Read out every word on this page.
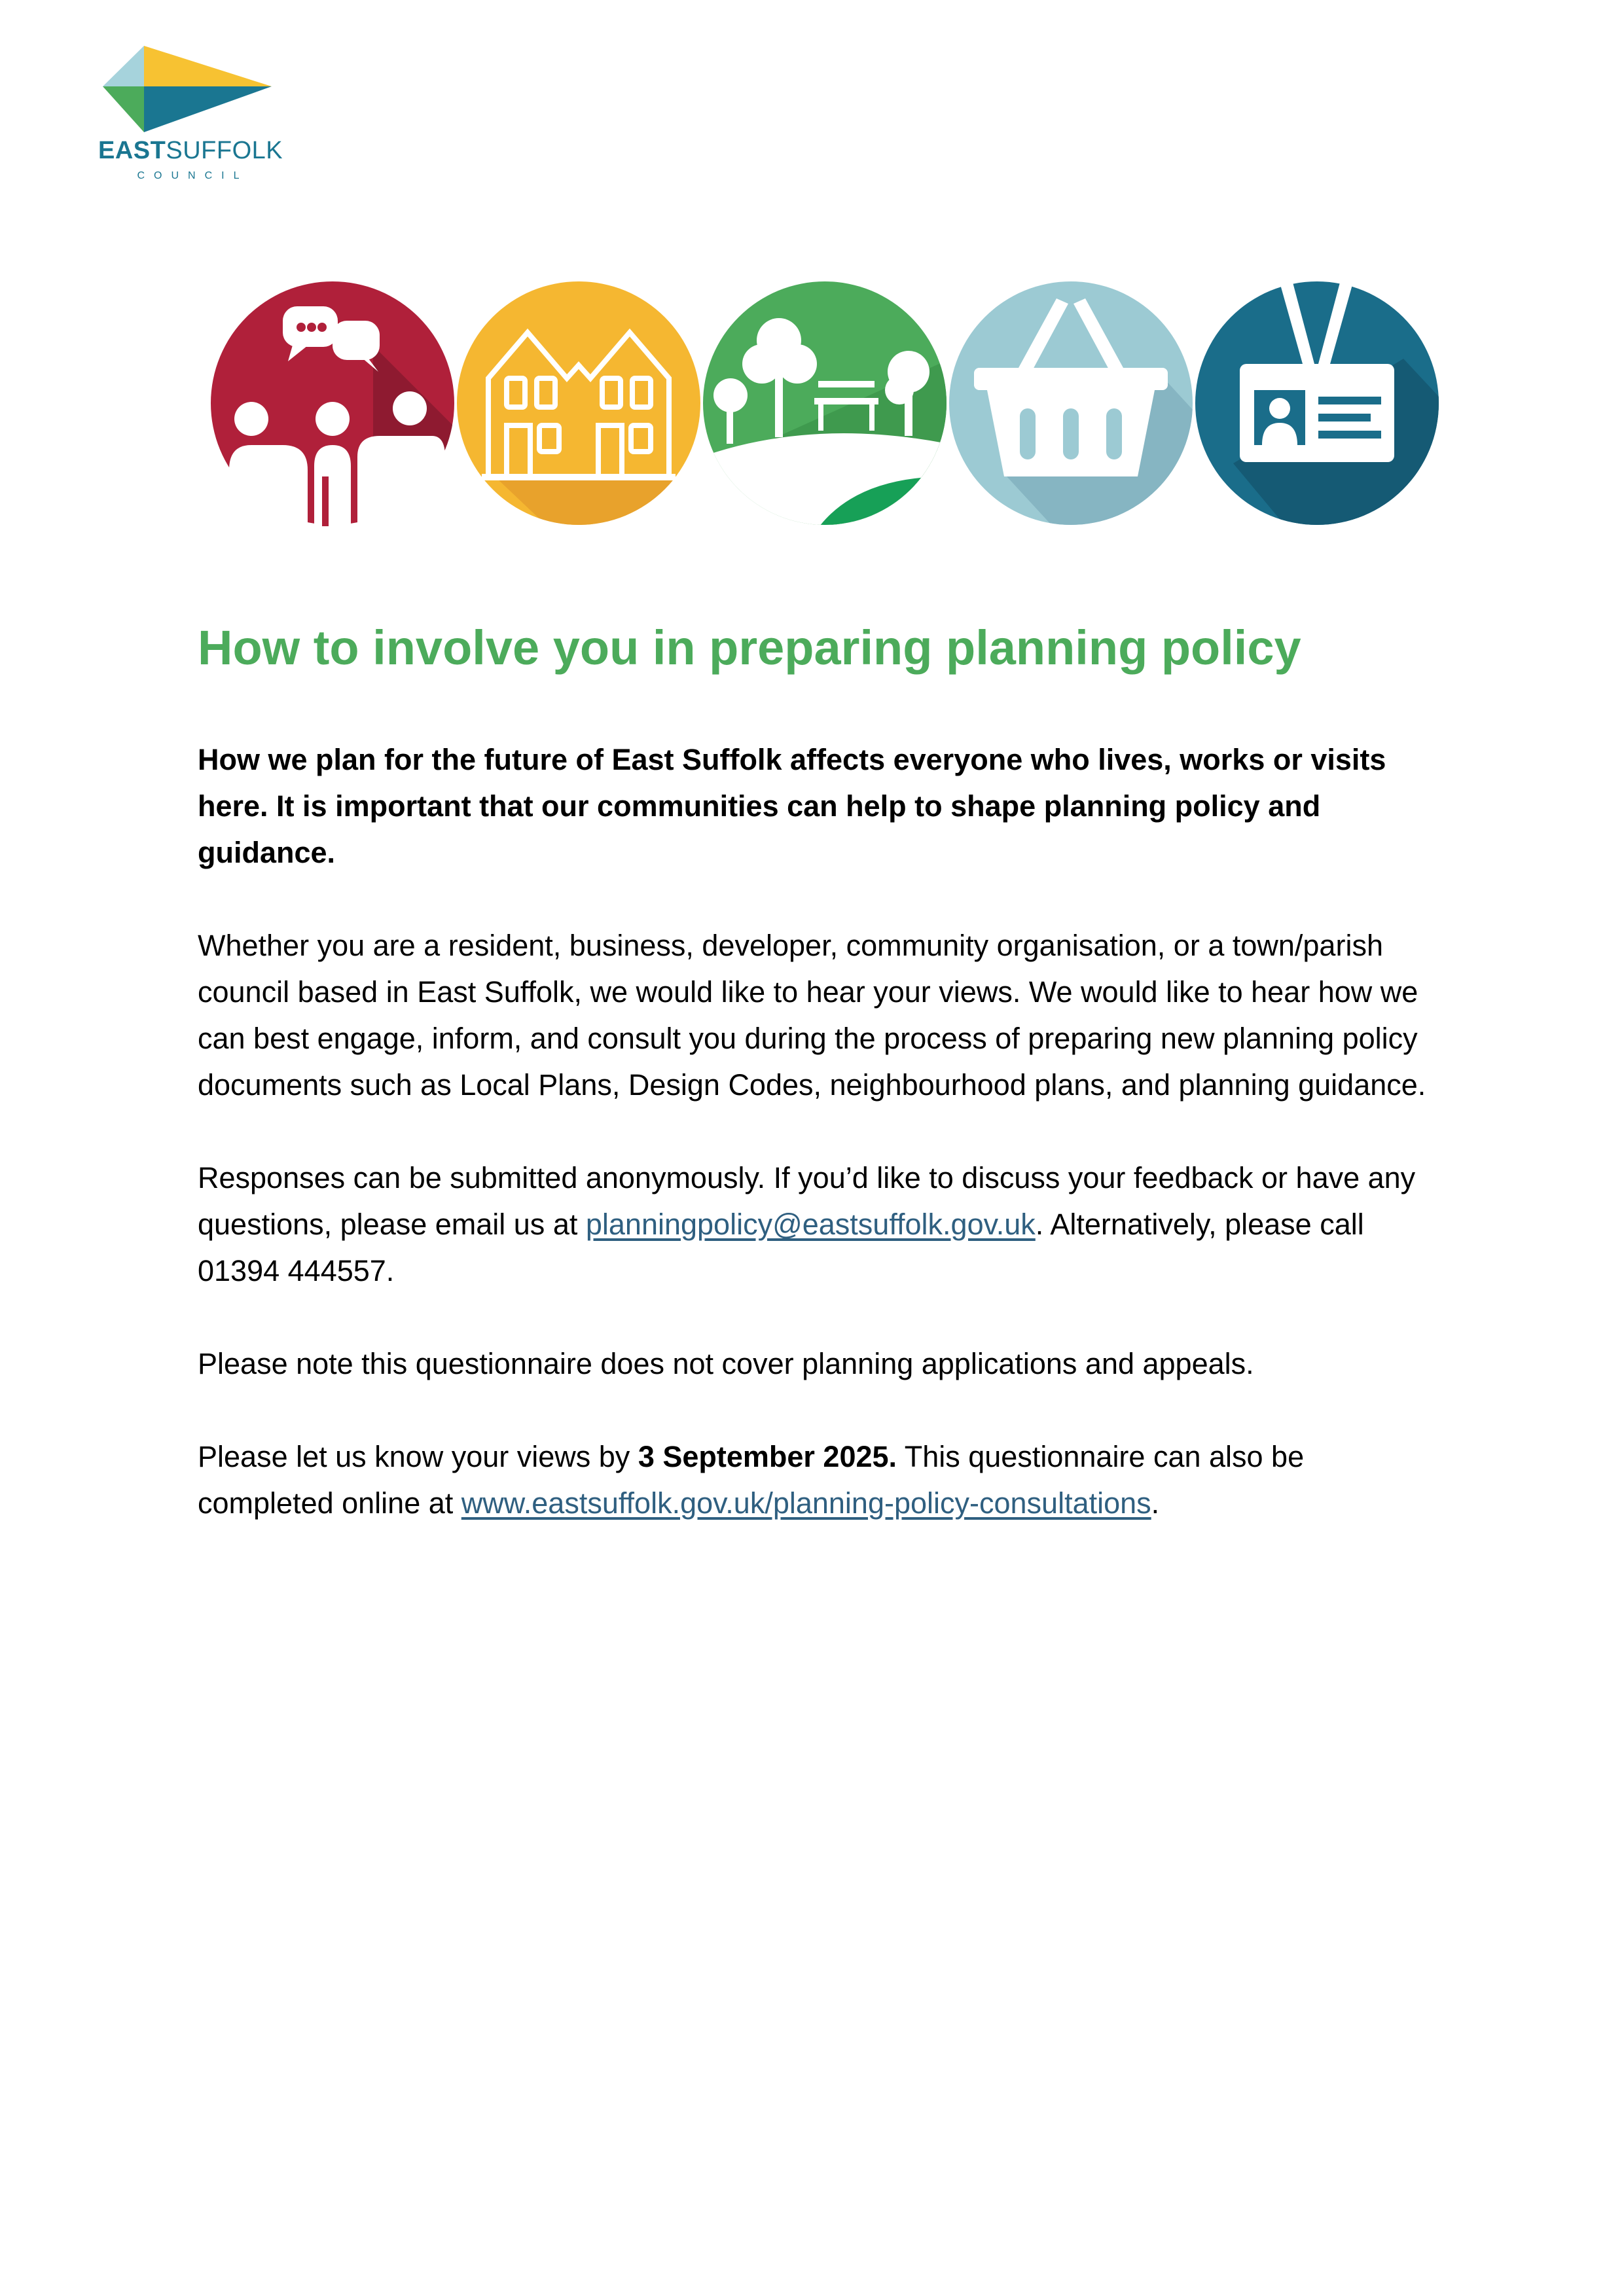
EASTSUFFOLK
COUNCIL
How to involve you in preparing planning policy

How we plan for the future of East Suffolk affects everyone who lives, works or visits here. It is important that our communities can help to shape planning policy and guidance.

Whether you are a resident, business, developer, community organisation, or a town/parish council based in East Suffolk, we would like to hear your views. We would like to hear how we can best engage, inform, and consult you during the process of preparing new planning policy documents such as Local Plans, Design Codes, neighbourhood plans, and planning guidance.

Responses can be submitted anonymously. If you’d like to discuss your feedback or have any questions, please email us at planningpolicy@eastsuffolk.gov.uk. Alternatively, please call 01394 444557.

Please note this questionnaire does not cover planning applications and appeals.

Please let us know your views by 3 September 2025. This questionnaire can also be completed online at www.eastsuffolk.gov.uk/planning-policy-consultations.
